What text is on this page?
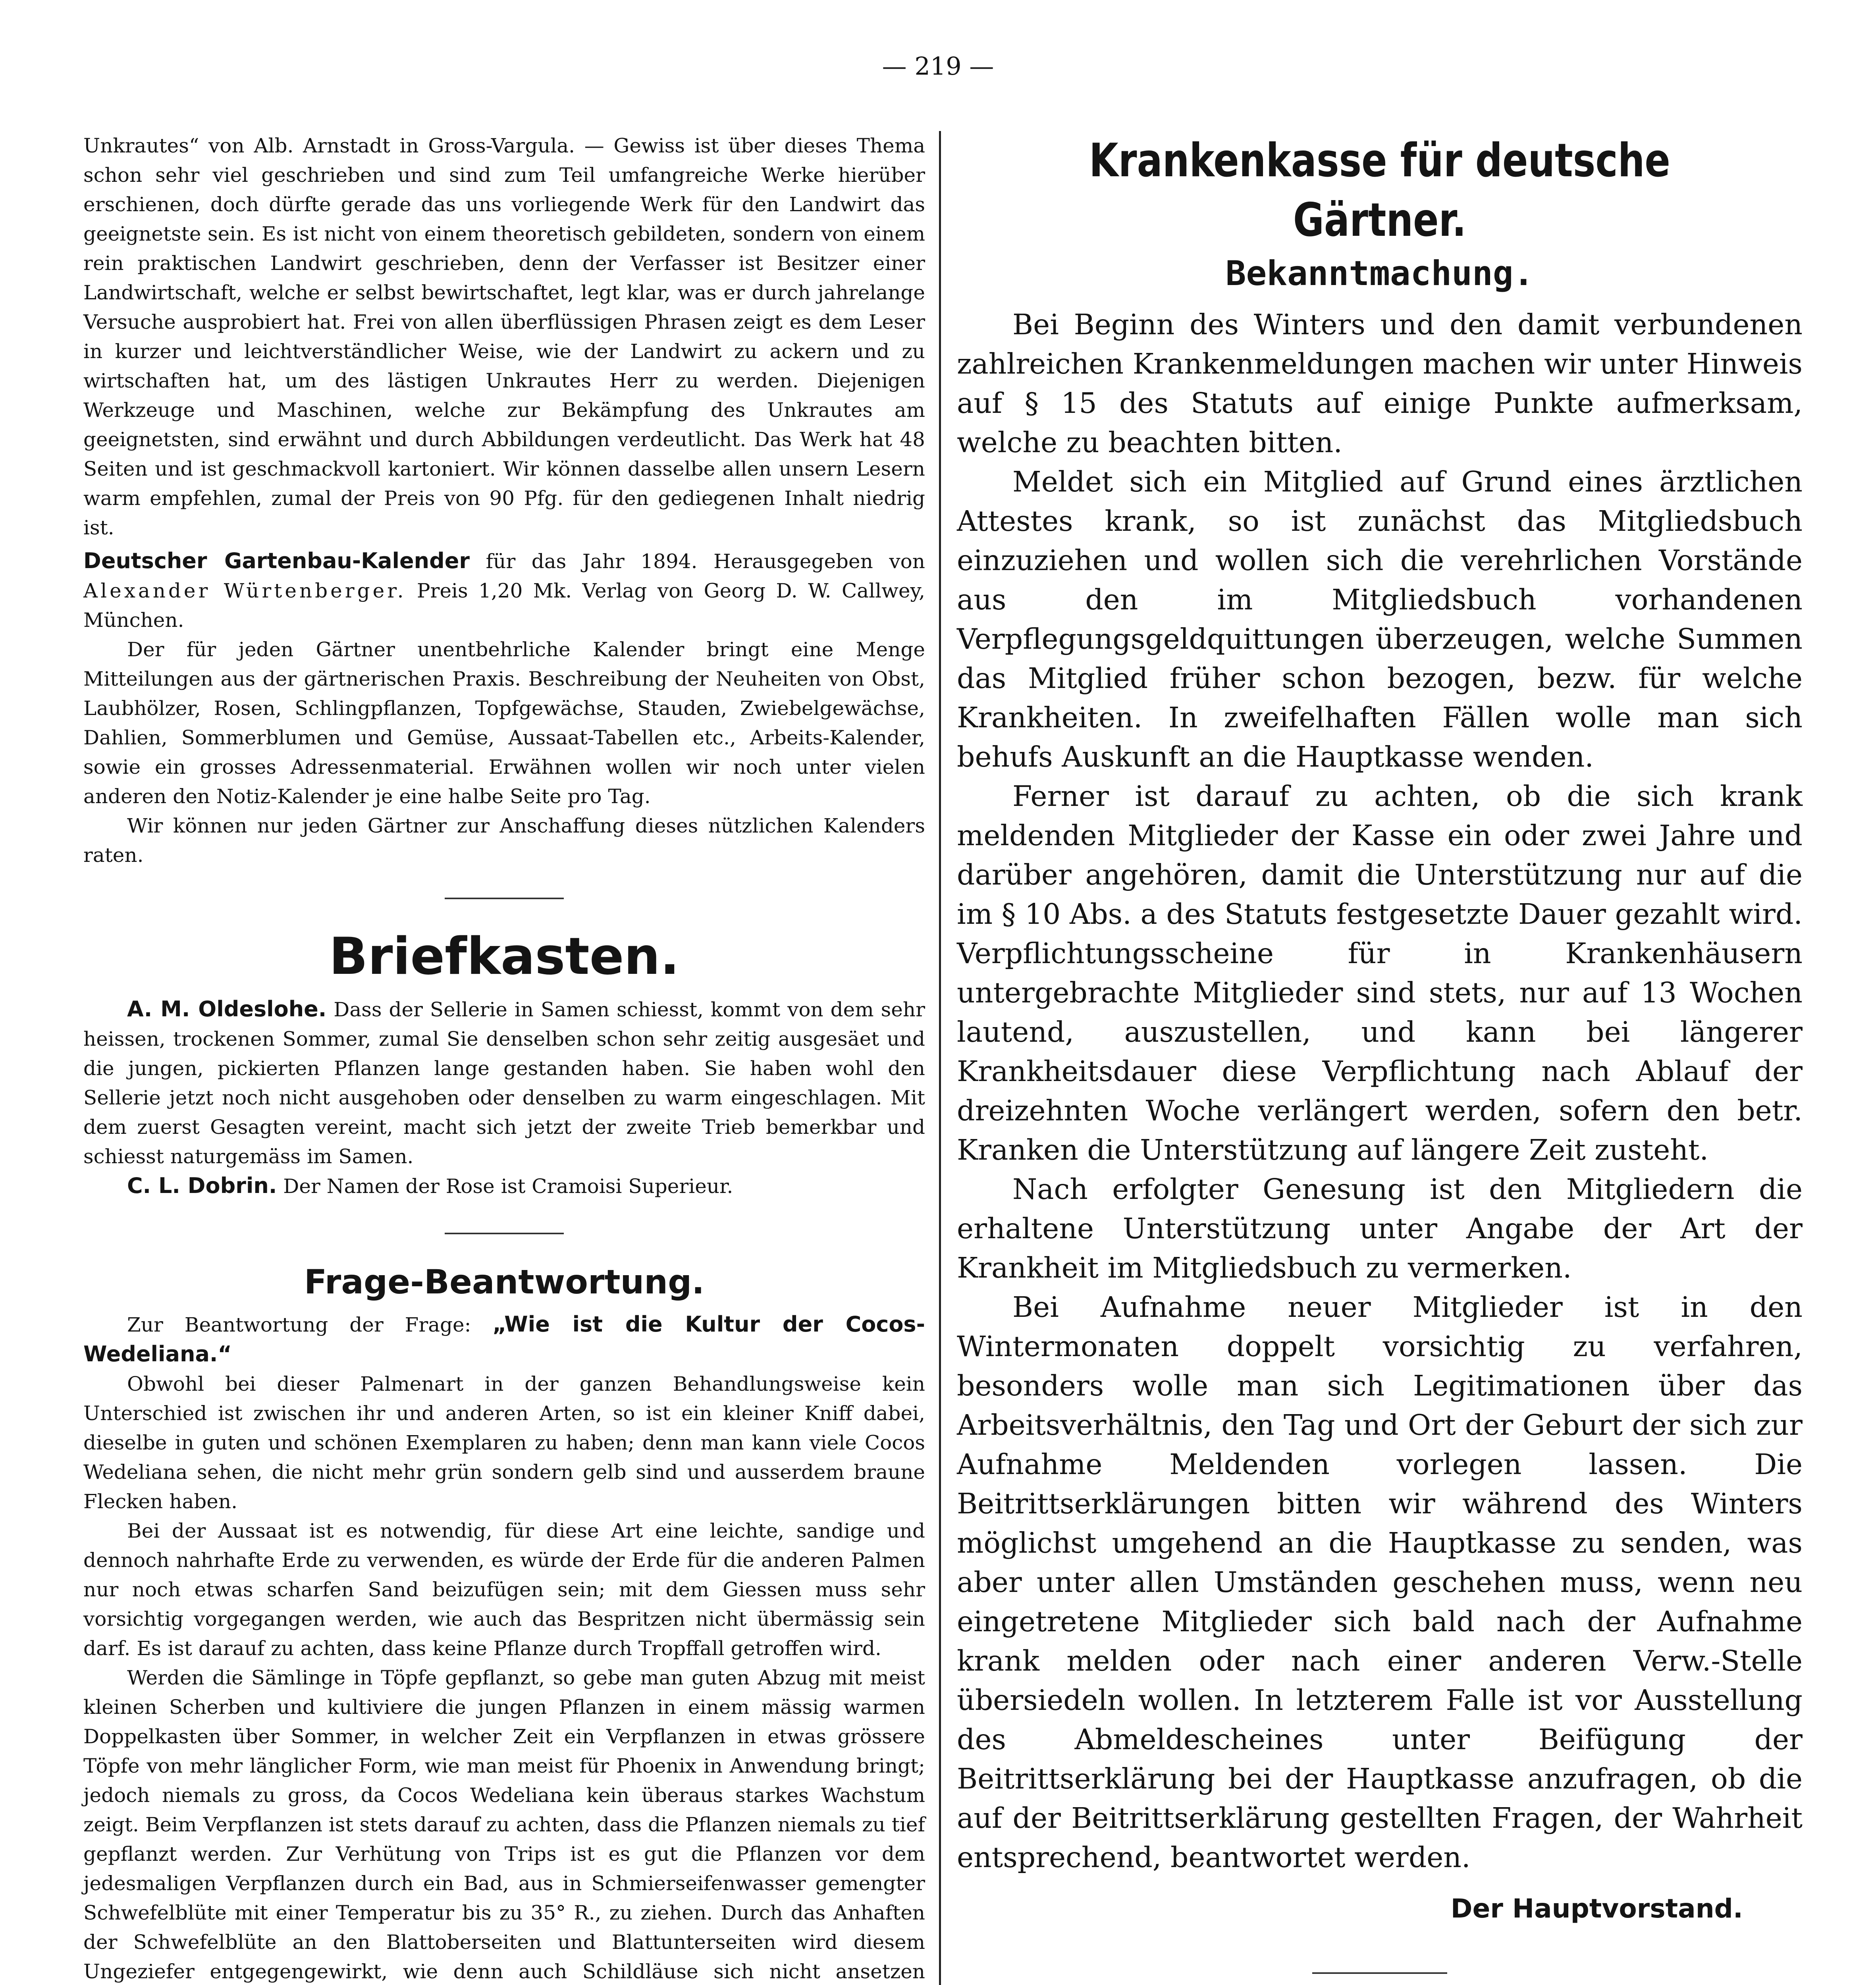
— 219 —

Unkrautes“ von Alb. Arnstadt in Gross-Vargula. — Gewiss ist über dieses Thema schon sehr viel geschrieben und sind zum Teil umfangreiche Werke hierüber erschienen, doch dürfte gerade das uns vorliegende Werk für den Landwirt das geeignetste sein. Es ist nicht von einem theoretisch gebildeten, sondern von einem rein praktischen Landwirt geschrieben, denn der Verfasser ist Besitzer einer Landwirtschaft, welche er selbst bewirtschaftet, legt klar, was er durch jahrelange Versuche ausprobiert hat. Frei von allen überflüssigen Phrasen zeigt es dem Leser in kurzer und leichtverständlicher Weise, wie der Landwirt zu ackern und zu wirtschaften hat, um des lästigen Unkrautes Herr zu werden. Diejenigen Werkzeuge und Maschinen, welche zur Bekämpfung des Unkrautes am geeignetsten, sind erwähnt und durch Abbildungen verdeutlicht. Das Werk hat 48 Seiten und ist geschmackvoll kartoniert. Wir können dasselbe allen unsern Lesern warm empfehlen, zumal der Preis von 90 Pfg. für den gediegenen Inhalt niedrig ist.

Deutscher Gartenbau-Kalender für das Jahr 1894. Herausgegeben von Alexander Würtenberger. Preis 1,20 Mk. Verlag von Georg D. W. Callwey, München.

Der für jeden Gärtner unentbehrliche Kalender bringt eine Menge Mitteilungen aus der gärtnerischen Praxis. Beschreibung der Neuheiten von Obst, Laubhölzer, Rosen, Schlingpflanzen, Topfgewächse, Stauden, Zwiebelgewächse, Dahlien, Sommerblumen und Gemüse, Aussaat-Tabellen etc., Arbeits-Kalender, sowie ein grosses Adressenmaterial. Erwähnen wollen wir noch unter vielen anderen den Notiz-Kalender je eine halbe Seite pro Tag.

Wir können nur jeden Gärtner zur Anschaffung dieses nützlichen Kalenders raten.

Briefkasten.

A. M. Oldeslohe. Dass der Sellerie in Samen schiesst, kommt von dem sehr heissen, trockenen Sommer, zumal Sie denselben schon sehr zeitig ausgesäet und die jungen, pickierten Pflanzen lange gestanden haben. Sie haben wohl den Sellerie jetzt noch nicht ausgehoben oder denselben zu warm eingeschlagen. Mit dem zuerst Gesagten vereint, macht sich jetzt der zweite Trieb bemerkbar und schiesst naturgemäss im Samen.

C. L. Dobrin. Der Namen der Rose ist Cramoisi Superieur.

Frage-Beantwortung.

Zur Beantwortung der Frage: „Wie ist die Kultur der Cocos-Wedeliana.“

Obwohl bei dieser Palmenart in der ganzen Behandlungsweise kein Unterschied ist zwischen ihr und anderen Arten, so ist ein kleiner Kniff dabei, dieselbe in guten und schönen Exemplaren zu haben; denn man kann viele Cocos Wedeliana sehen, die nicht mehr grün sondern gelb sind und ausserdem braune Flecken haben.

Bei der Aussaat ist es notwendig, für diese Art eine leichte, sandige und dennoch nahrhafte Erde zu verwenden, es würde der Erde für die anderen Palmen nur noch etwas scharfen Sand beizufügen sein; mit dem Giessen muss sehr vorsichtig vorgegangen werden, wie auch das Bespritzen nicht übermässig sein darf. Es ist darauf zu achten, dass keine Pflanze durch Tropffall getroffen wird.

Werden die Sämlinge in Töpfe gepflanzt, so gebe man guten Abzug mit meist kleinen Scherben und kultiviere die jungen Pflanzen in einem mässig warmen Doppelkasten über Sommer, in welcher Zeit ein Verpflanzen in etwas grössere Töpfe von mehr länglicher Form, wie man meist für Phoenix in Anwendung bringt; jedoch niemals zu gross, da Cocos Wedeliana kein überaus starkes Wachstum zeigt. Beim Verpflanzen ist stets darauf zu achten, dass die Pflanzen niemals zu tief gepflanzt werden. Zur Verhütung von Trips ist es gut die Pflanzen vor dem jedesmaligen Verpflanzen durch ein Bad, aus in Schmierseifenwasser gemengter Schwefelblüte mit einer Temperatur bis zu 35° R., zu ziehen. Durch das Anhaften der Schwefelblüte an den Blattoberseiten und Blattunterseiten wird diesem Ungeziefer entgegengewirkt, wie denn auch Schildläuse sich nicht ansetzen

Krankenkasse für deutsche Gärtner.
Bekanntmachung.

Bei Beginn des Winters und den damit verbundenen zahlreichen Krankenmeldungen machen wir unter Hinweis auf § 15 des Statuts auf einige Punkte aufmerksam, welche zu beachten bitten.

Meldet sich ein Mitglied auf Grund eines ärztlichen Attestes krank, so ist zunächst das Mitgliedsbuch einzuziehen und wollen sich die verehrlichen Vorstände aus den im Mitgliedsbuch vorhandenen Verpflegungsgeldquittungen überzeugen, welche Summen das Mitglied früher schon bezogen, bezw. für welche Krankheiten. In zweifelhaften Fällen wolle man sich behufs Auskunft an die Hauptkasse wenden.

Ferner ist darauf zu achten, ob die sich krank meldenden Mitglieder der Kasse ein oder zwei Jahre und darüber angehören, damit die Unterstützung nur auf die im § 10 Abs. a des Statuts festgesetzte Dauer gezahlt wird. Verpflichtungsscheine für in Krankenhäusern untergebrachte Mitglieder sind stets, nur auf 13 Wochen lautend, auszustellen, und kann bei längerer Krankheitsdauer diese Verpflichtung nach Ablauf der dreizehnten Woche verlängert werden, sofern den betr. Kranken die Unterstützung auf längere Zeit zusteht.

Nach erfolgter Genesung ist den Mitgliedern die erhaltene Unterstützung unter Angabe der Art der Krankheit im Mitgliedsbuch zu vermerken.

Bei Aufnahme neuer Mitglieder ist in den Wintermonaten doppelt vorsichtig zu verfahren, besonders wolle man sich Legitimationen über das Arbeitsverhältnis, den Tag und Ort der Geburt der sich zur Aufnahme Meldenden vorlegen lassen. Die Beitrittserklärungen bitten wir während des Winters möglichst umgehend an die Hauptkasse zu senden, was aber unter allen Umständen geschehen muss, wenn neu eingetretene Mitglieder sich bald nach der Aufnahme krank melden oder nach einer anderen Verw.-Stelle übersiedeln wollen. In letzterem Falle ist vor Ausstellung des Abmeldescheines unter Beifügung der Beitrittserklärung bei der Hauptkasse anzufragen, ob die auf der Beitrittserklärung gestellten Fragen, der Wahrheit entsprechend, beantwortet werden.

Der Hauptvorstand.
